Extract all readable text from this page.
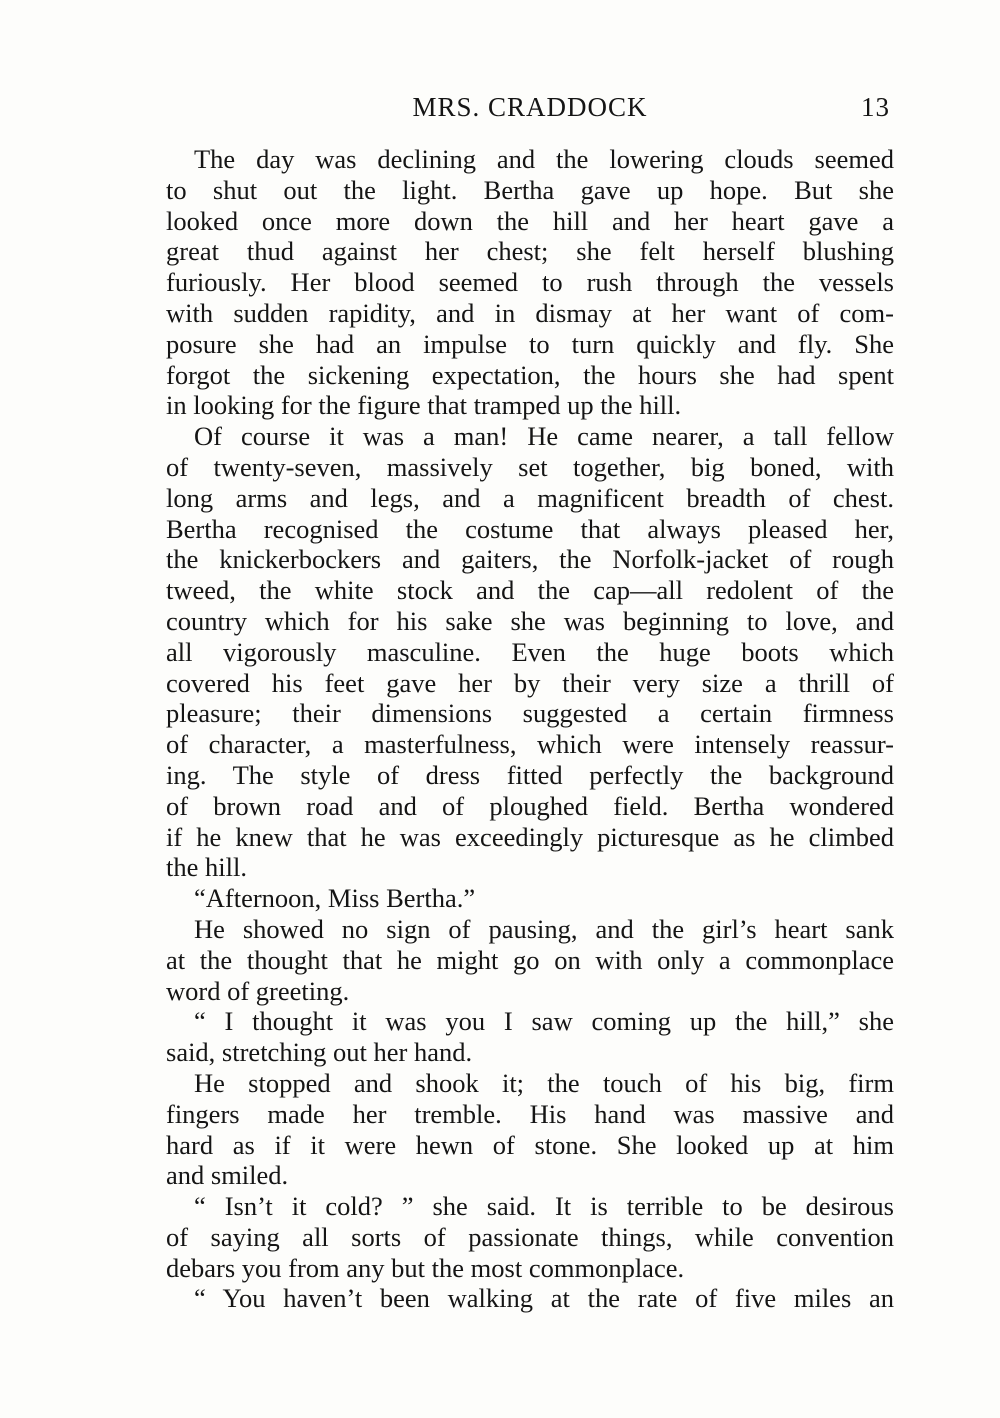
MRS. CRADDOCK	13
The day was declining and the lowering clouds seemed
to shut out the light. Bertha gave up hope. But she
looked once more down the hill and her heart gave a
great thud against her chest; she felt herself blushing
furiously. Her blood seemed to rush through the vessels
with sudden rapidity, and in dismay at her want of com-
posure she had an impulse to turn quickly and fly. She
forgot the sickening expectation, the hours she had spent
in looking for the figure that tramped up the hill.
Of course it was a man! He came nearer, a tall fellow
of twenty-seven, massively set together, big boned, with
long arms and legs, and a magnificent breadth of chest.
Bertha recognised the costume that always pleased her,
the knickerbockers and gaiters, the Norfolk-jacket of rough
tweed, the white stock and the cap—all redolent of the
country which for his sake she was beginning to love, and
all vigorously masculine. Even the huge boots which
covered his feet gave her by their very size a thrill of
pleasure; their dimensions suggested a certain firmness
of character, a masterfulness, which were intensely reassur-
ing. The style of dress fitted perfectly the background
of brown road and of ploughed field. Bertha wondered
if he knew that he was exceedingly picturesque as he climbed
the hill.
“Afternoon, Miss Bertha.”
He showed no sign of pausing, and the girl’s heart sank
at the thought that he might go on with only a commonplace
word of greeting.
“ I thought it was you I saw coming up the hill,” she
said, stretching out her hand.
He stopped and shook it; the touch of his big, firm
fingers made her tremble. His hand was massive and
hard as if it were hewn of stone. She looked up at him
and smiled.
“ Isn’t it cold? ” she said. It is terrible to be desirous
of saying all sorts of passionate things, while convention
debars you from any but the most commonplace.
“ You haven’t been walking at the rate of five miles an
